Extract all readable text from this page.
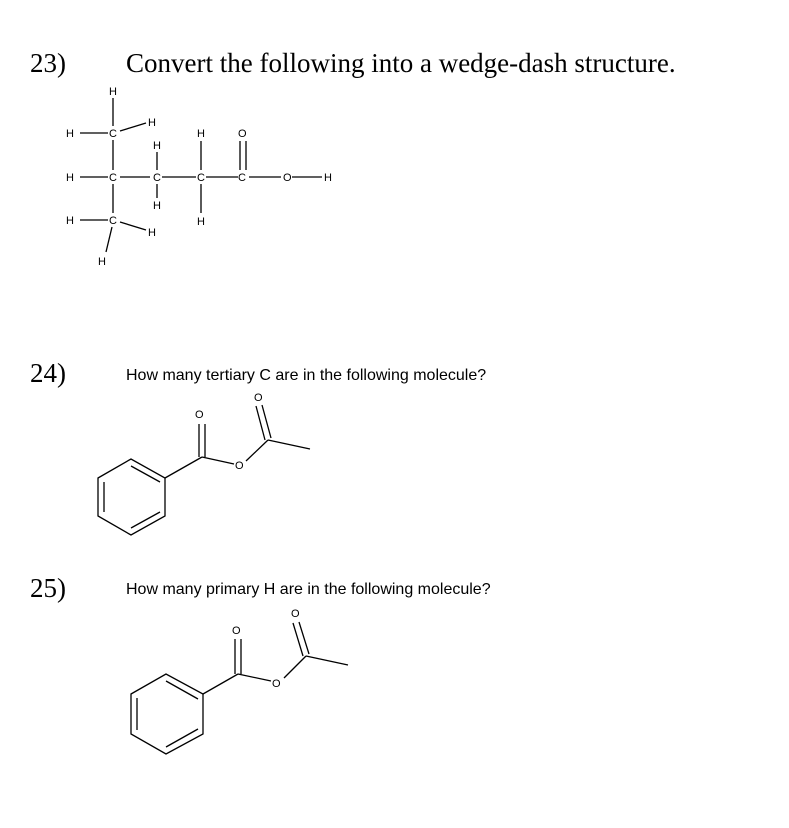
23) Convert the following into a wedge-dash structure.
H
C
H
H
H
H
C	C
H	C	C	O	H
H
H
H	C
H
H
O
24)	How many tertiary C are in the following molecule?
O
O
O
25)	How many primary H are in the following molecule?
O
O
O
